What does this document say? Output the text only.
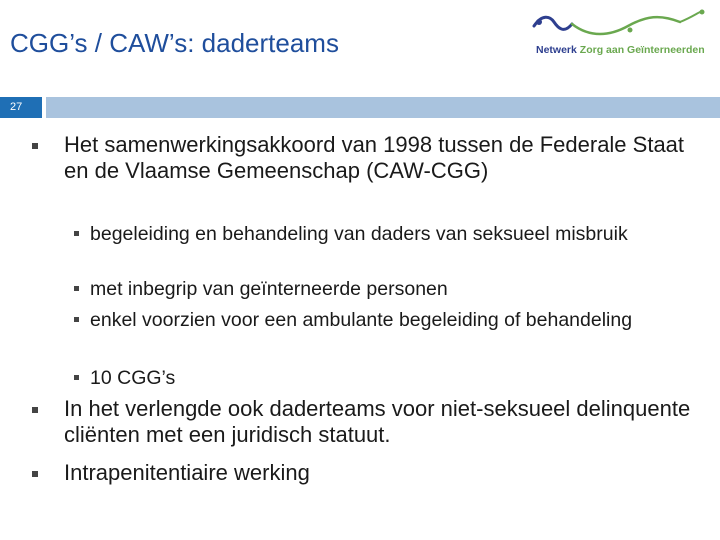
CGG’s / CAW’s: daderteams	Netwerk Zorg aan Geïnterneerden
27
Het samenwerkingsakkoord van 1998 tussen de Federale Staat en de Vlaamse Gemeenschap (CAW-CGG)
begeleiding en behandeling van daders van seksueel misbruik
met inbegrip van geïnterneerde personen
enkel voorzien voor een ambulante begeleiding of behandeling
10 CGG’s
In het verlengde ook daderteams voor niet-seksueel delinquente cliënten met een juridisch statuut.
Intrapenitentiaire werking
